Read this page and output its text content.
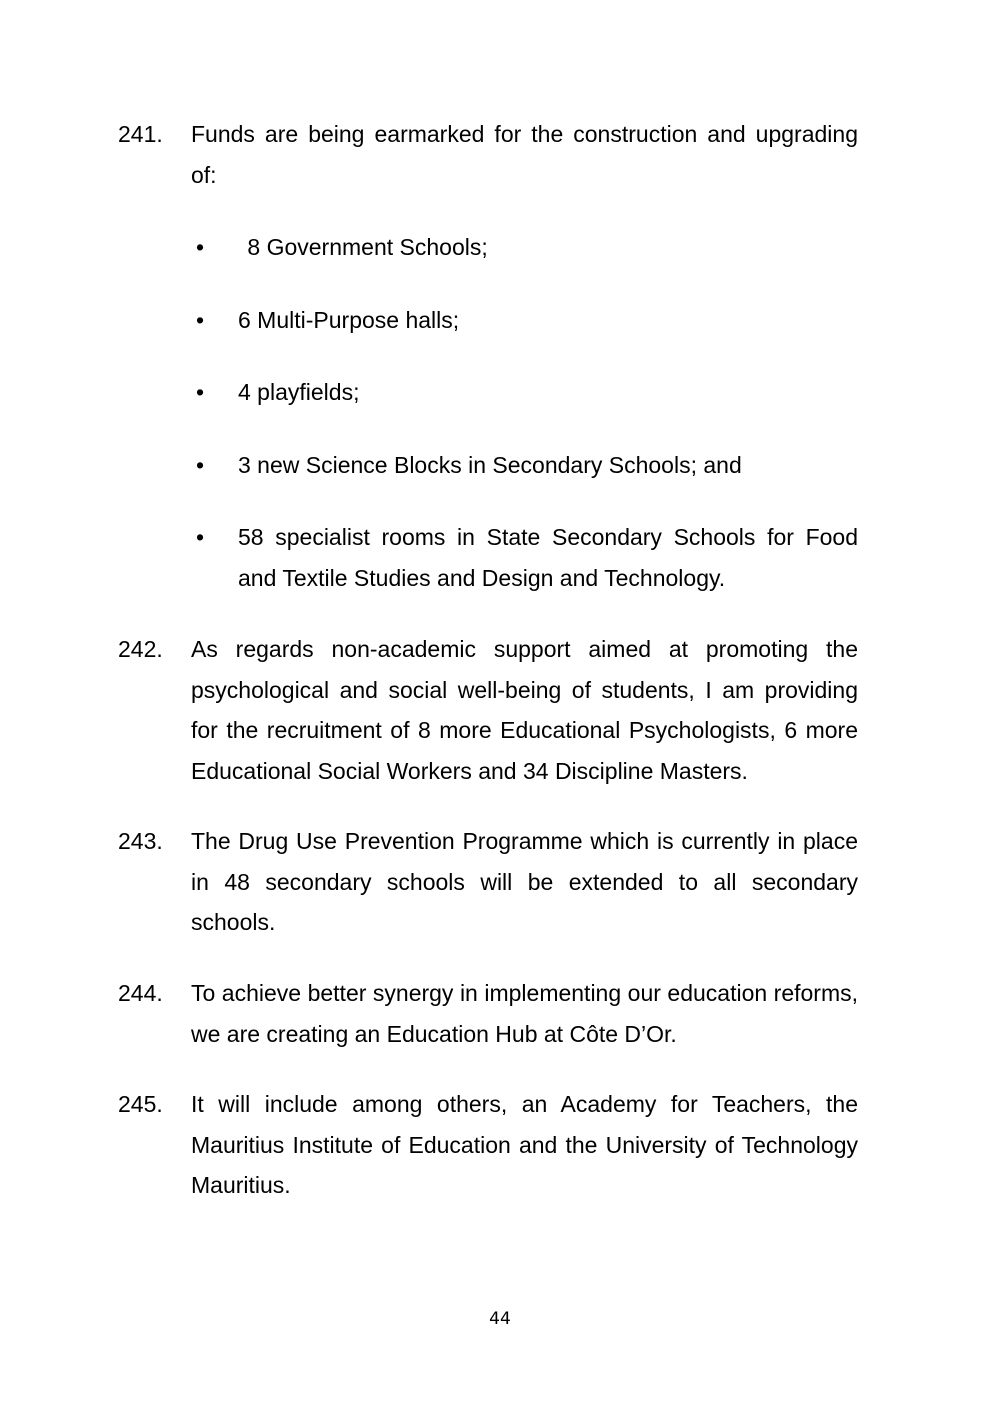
241.	Funds are being earmarked for the construction and upgrading of:
• 8 Government Schools;
• 6 Multi-Purpose halls;
• 4 playfields;
• 3 new Science Blocks in Secondary Schools; and
• 58 specialist rooms in State Secondary Schools for Food and Textile Studies and Design and Technology.
242.	As regards non-academic support aimed at promoting the psychological and social well-being of students, I am providing for the recruitment of 8 more Educational Psychologists, 6 more Educational Social Workers and 34 Discipline Masters.
243.	The Drug Use Prevention Programme which is currently in place in 48 secondary schools will be extended to all secondary schools.
244.	To achieve better synergy in implementing our education reforms, we are creating an Education Hub at Côte D’Or.
245.	It will include among others, an Academy for Teachers, the Mauritius Institute of Education and the University of Technology Mauritius.
44
